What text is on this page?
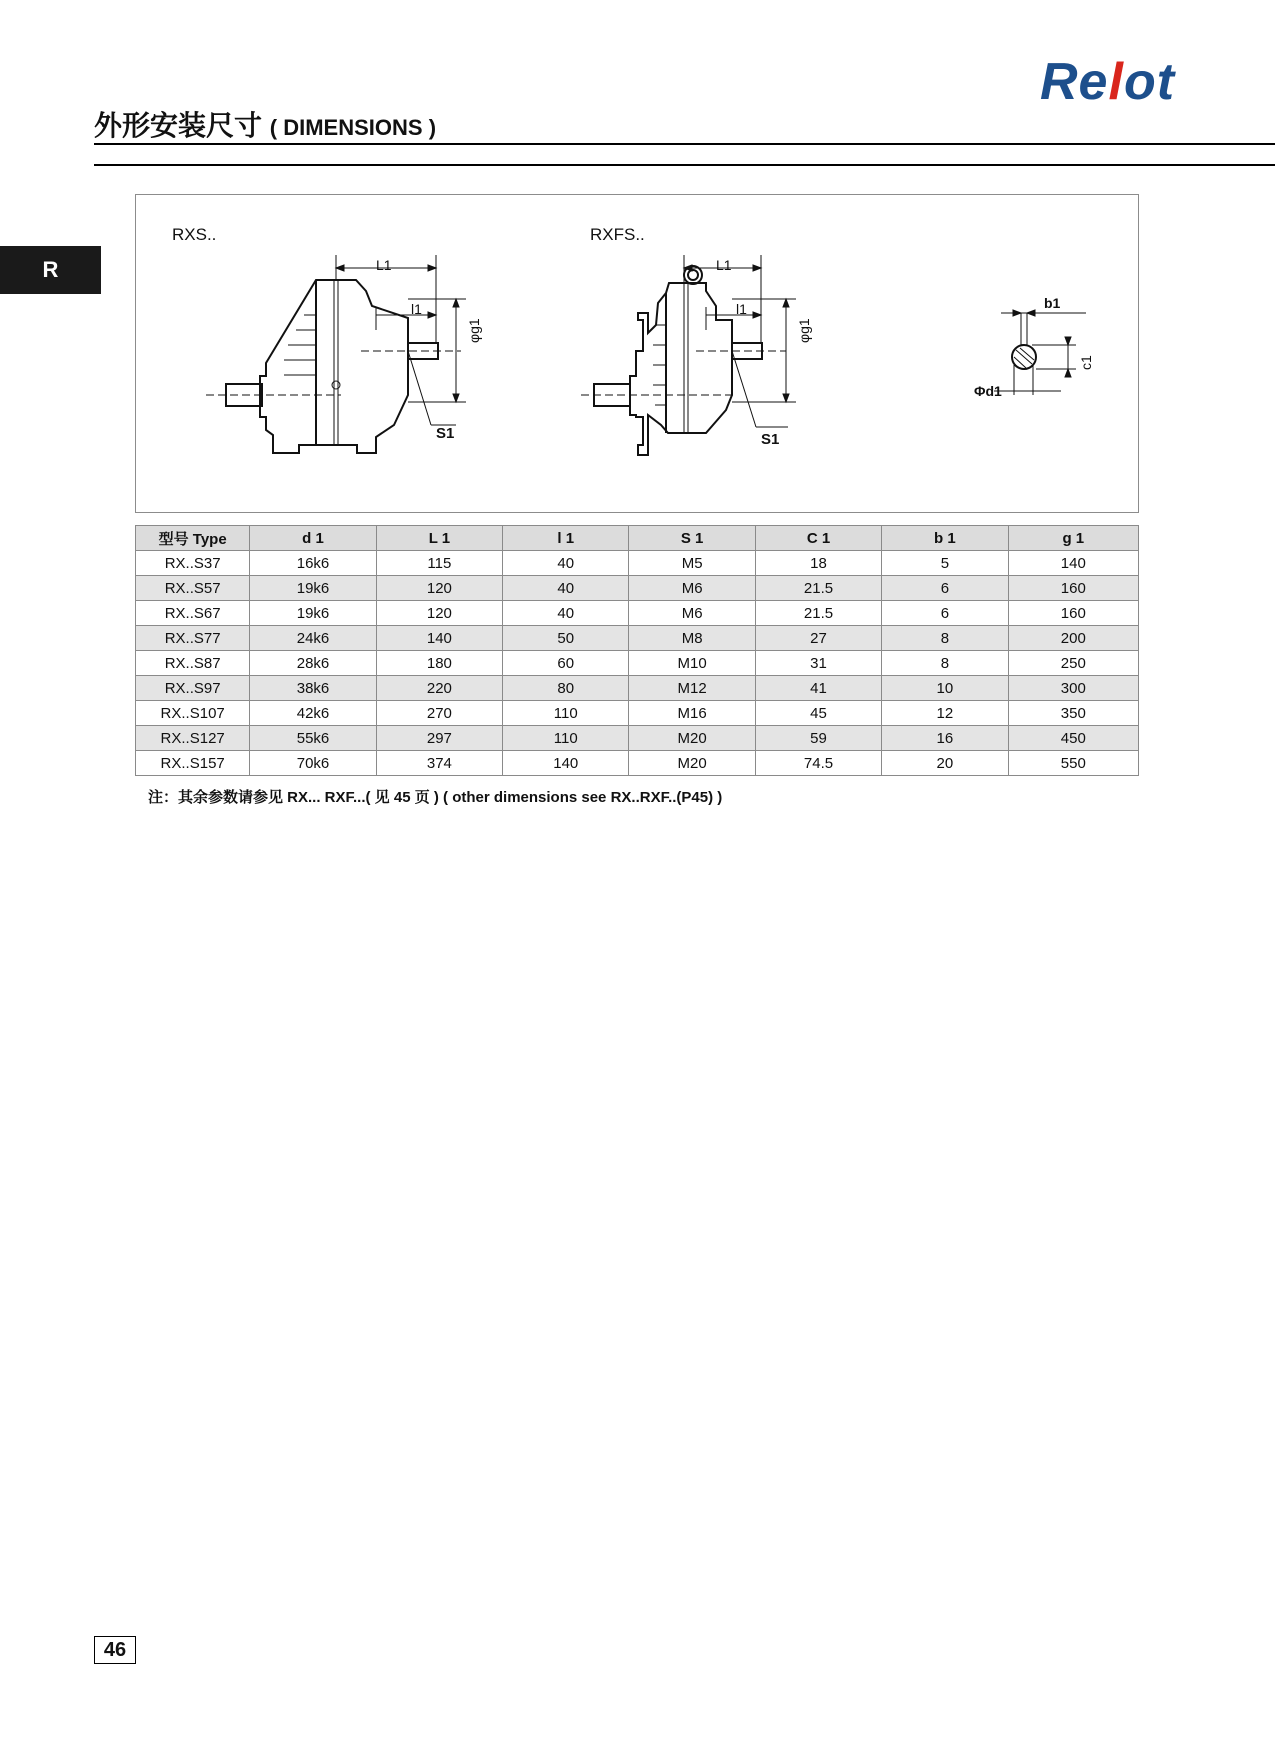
Relot
外形安装尺寸 ( DIMENSIONS )
R
RXS..	RXFS..
L1
l1
φg1
S1
L1
l1
φg1
S1
b1
c1
Φd1
型号 Type	d 1	L 1	l 1	S 1	C 1	b 1	g 1
RX..S37	16k6	115	40	M5	18	5	140
RX..S57	19k6	120	40	M6	21.5	6	160
RX..S67	19k6	120	40	M6	21.5	6	160
RX..S77	24k6	140	50	M8	27	8	200
RX..S87	28k6	180	60	M10	31	8	250
RX..S97	38k6	220	80	M12	41	10	300
RX..S107	42k6	270	110	M16	45	12	350
RX..S127	55k6	297	110	M20	59	16	450
RX..S157	70k6	374	140	M20	74.5	20	550
注：其余参数请参见 RX... RXF...( 见 45 页 ) ( other dimensions see RX..RXF..(P45) )
46
